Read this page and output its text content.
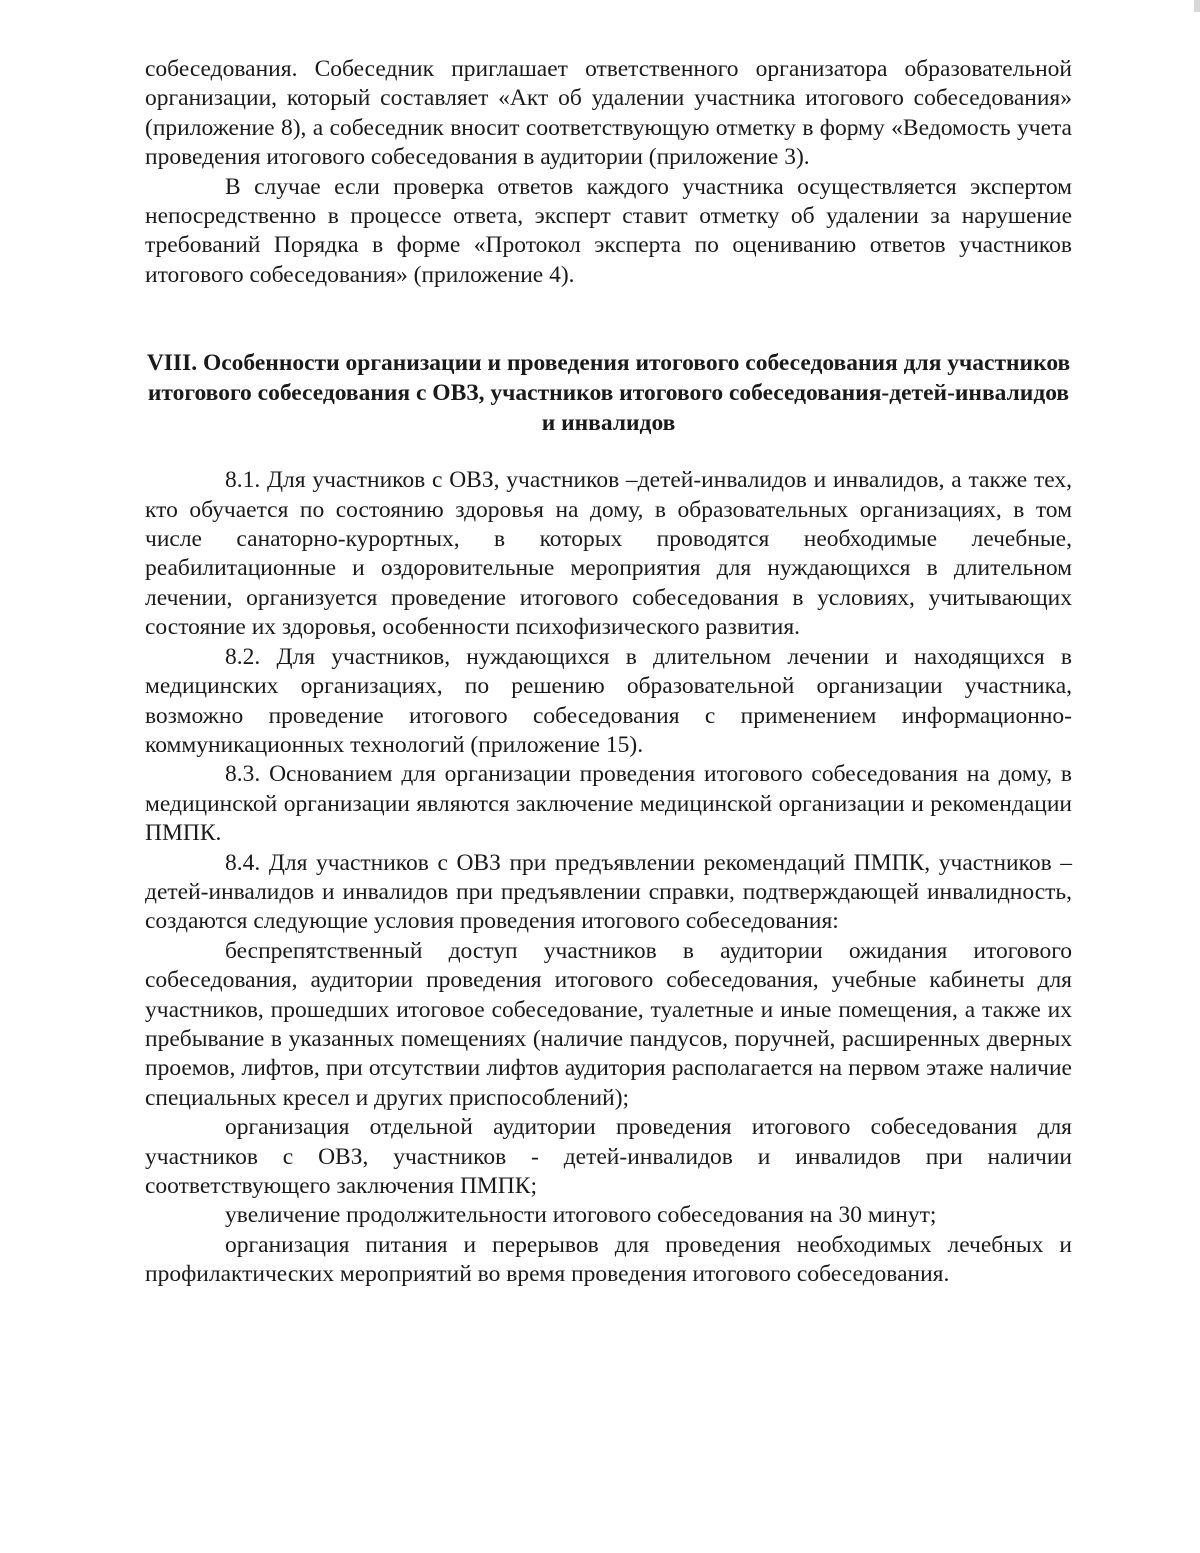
собеседования. Собеседник приглашает ответственного организатора образовательной организации, который составляет «Акт об удалении участника итогового собеседования» (приложение 8), а собеседник вносит соответствующую отметку в форму «Ведомость учета проведения итогового собеседования в аудитории (приложение 3).

В случае если проверка ответов каждого участника осуществляется экспертом непосредственно в процессе ответа, эксперт ставит отметку об удалении за нарушение требований Порядка в форме «Протокол эксперта по оцениванию ответов участников итогового собеседования» (приложение 4).

VIII. Особенности организации и проведения итогового собеседования для участников итогового собеседования с ОВЗ, участников итогового собеседования-детей-инвалидов и инвалидов

8.1. Для участников с ОВЗ, участников –детей-инвалидов и инвалидов, а также тех, кто обучается по состоянию здоровья на дому, в образовательных организациях, в том числе санаторно-курортных, в которых проводятся необходимые лечебные, реабилитационные и оздоровительные мероприятия для нуждающихся в длительном лечении, организуется проведение итогового собеседования в условиях, учитывающих состояние их здоровья, особенности психофизического развития.

8.2. Для участников, нуждающихся в длительном лечении и находящихся в медицинских организациях, по решению образовательной организации участника, возможно проведение итогового собеседования с применением информационно-коммуникационных технологий (приложение 15).

8.3. Основанием для организации проведения итогового собеседования на дому, в медицинской организации являются заключение медицинской организации и рекомендации ПМПК.

8.4. Для участников с ОВЗ при предъявлении рекомендаций ПМПК, участников – детей-инвалидов и инвалидов при предъявлении справки, подтверждающей инвалидность, создаются следующие условия проведения итогового собеседования:

беспрепятственный доступ участников в аудитории ожидания итогового собеседования, аудитории проведения итогового собеседования, учебные кабинеты для участников, прошедших итоговое собеседование, туалетные и иные помещения, а также их пребывание в указанных помещениях (наличие пандусов, поручней, расширенных дверных проемов, лифтов, при отсутствии лифтов аудитория располагается на первом этаже наличие специальных кресел и других приспособлений);

организация отдельной аудитории проведения итогового собеседования для участников с ОВЗ, участников - детей-инвалидов и инвалидов при наличии соответствующего заключения ПМПК;

увеличение продолжительности итогового собеседования на 30 минут;

организация питания и перерывов для проведения необходимых лечебных и профилактических мероприятий во время проведения итогового собеседования.
